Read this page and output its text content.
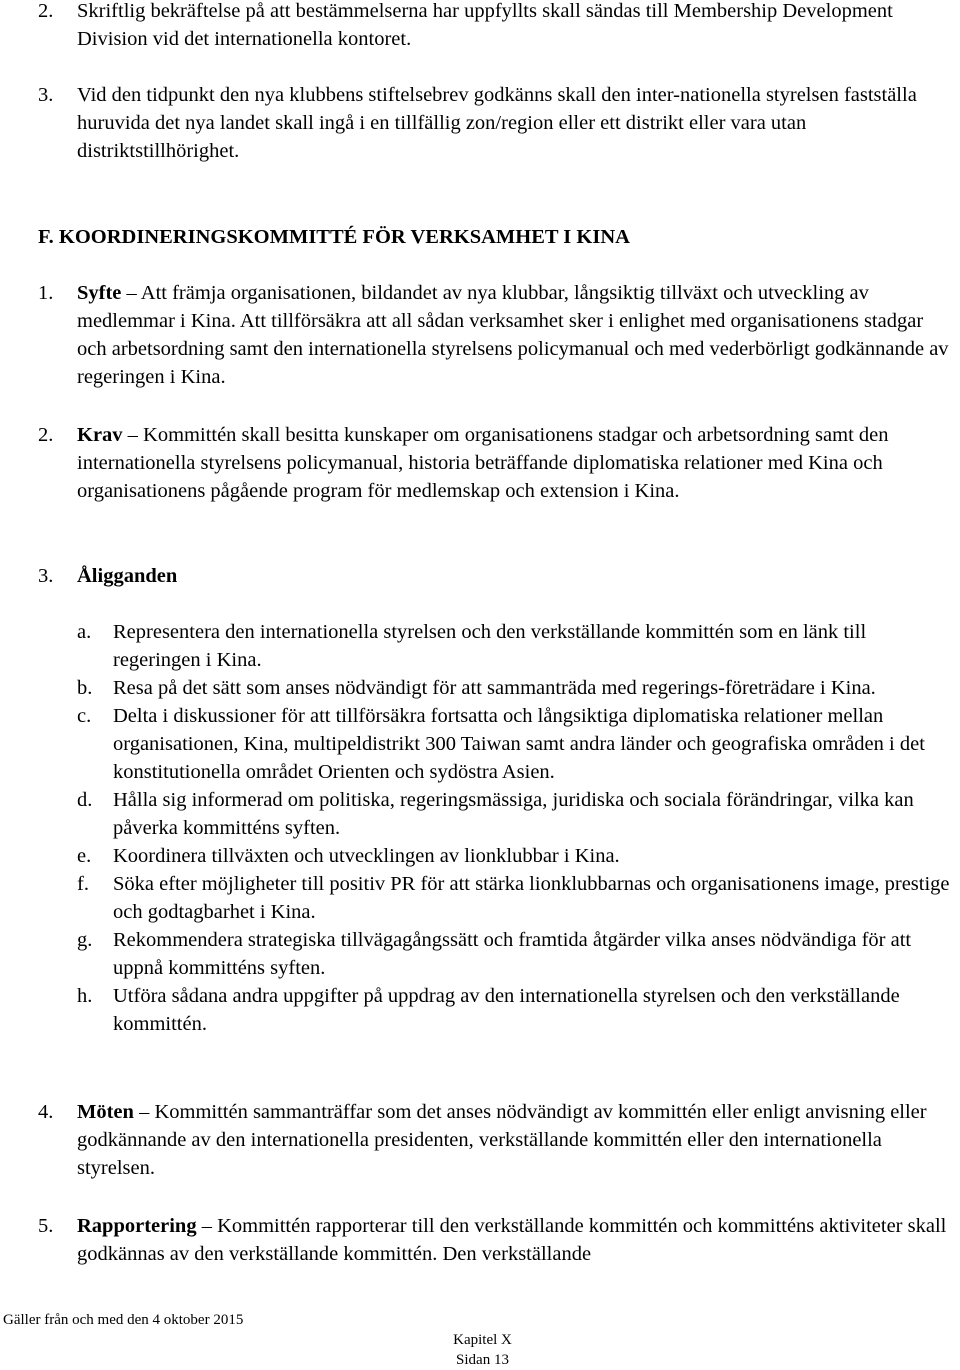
2. Skriftlig bekräftelse på att bestämmelserna har uppfyllts skall sändas till Membership Development Division vid det internationella kontoret.
3. Vid den tidpunkt den nya klubbens stiftelsebrev godkänns skall den inter-nationella styrelsen fastställa huruvida det nya landet skall ingå i en tillfällig zon/region eller ett distrikt eller vara utan distriktstillhörighet.
F. KOORDINERINGSKOMMITTÉ FÖR VERKSAMHET I KINA
1. Syfte – Att främja organisationen, bildandet av nya klubbar, långsiktig tillväxt och utveckling av medlemmar i Kina. Att tillförsäkra att all sådan verksamhet sker i enlighet med organisationens stadgar och arbetsordning samt den internationella styrelsens policymanual och med vederbörligt godkännande av regeringen i Kina.
2. Krav – Kommittén skall besitta kunskaper om organisationens stadgar och arbetsordning samt den internationella styrelsens policymanual, historia beträffande diplomatiska relationer med Kina och organisationens pågående program för medlemskap och extension i Kina.
3. Åligganden
a. Representera den internationella styrelsen och den verkställande kommittén som en länk till regeringen i Kina.
b. Resa på det sätt som anses nödvändigt för att sammanträda med regerings-företrädare i Kina.
c. Delta i diskussioner för att tillförsäkra fortsatta och långsiktiga diplomatiska relationer mellan organisationen, Kina, multipeldistrikt 300 Taiwan samt andra länder och geografiska områden i det konstitutionella området Orienten och sydöstra Asien.
d. Hålla sig informerad om politiska, regeringsmässiga, juridiska och sociala förändringar, vilka kan påverka kommitténs syften.
e. Koordinera tillväxten och utvecklingen av lionklubbar i Kina.
f. Söka efter möjligheter till positiv PR för att stärka lionklubbarnas och organisationens image, prestige och godtagbarhet i Kina.
g. Rekommendera strategiska tillvägagångssätt och framtida åtgärder vilka anses nödvändiga för att uppnå kommitténs syften.
h. Utföra sådana andra uppgifter på uppdrag av den internationella styrelsen och den verkställande kommittén.
4. Möten – Kommittén sammanträffar som det anses nödvändigt av kommittén eller enligt anvisning eller godkännande av den internationella presidenten, verkställande kommittén eller den internationella styrelsen.
5. Rapportering – Kommittén rapporterar till den verkställande kommittén och kommitténs aktiviteter skall godkännas av den verkställande kommittén. Den verkställande
Gäller från och med den 4 oktober 2015
Kapitel X
Sidan 13
